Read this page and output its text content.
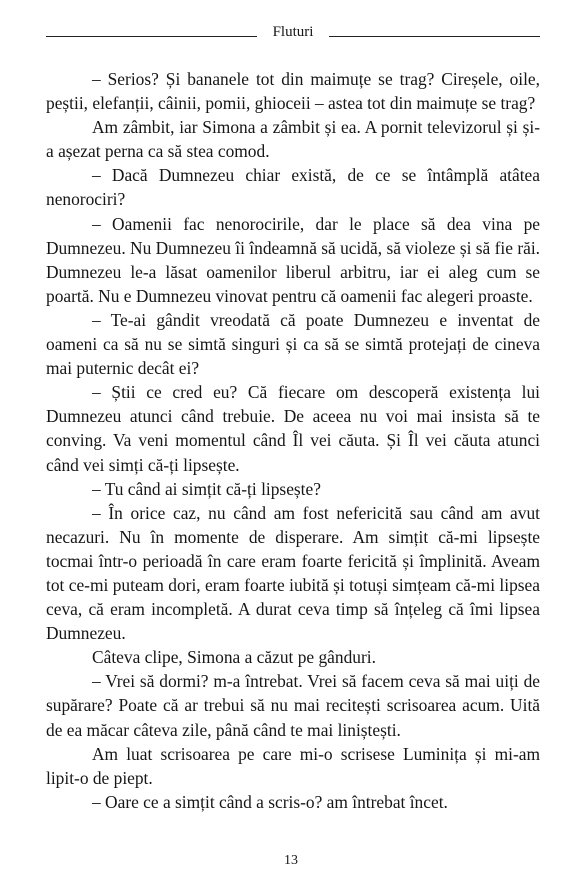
Fluturi

– Serios? Și bananele tot din maimuțe se trag? Cireșele, oile, peștii, elefanții, câinii, pomii, ghioceii – astea tot din maimuțe se trag?

Am zâmbit, iar Simona a zâmbit și ea. A pornit televizorul și și-a așezat perna ca să stea comod.

– Dacă Dumnezeu chiar există, de ce se întâmplă atâtea nenorociri?

– Oamenii fac nenorocirile, dar le place să dea vina pe Dumnezeu. Nu Dumnezeu îi îndeamnă să ucidă, să violeze și să fie răi. Dumnezeu le-a lăsat oamenilor liberul arbitru, iar ei aleg cum se poartă. Nu e Dumnezeu vinovat pentru că oamenii fac alegeri proaste.

– Te-ai gândit vreodată că poate Dumnezeu e inventat de oameni ca să nu se simtă singuri și ca să se simtă protejați de cineva mai puternic decât ei?

– Știi ce cred eu? Că fiecare om descoperă existența lui Dumnezeu atunci când trebuie. De aceea nu voi mai insista să te conving. Va veni momentul când Îl vei căuta. Și Îl vei căuta atunci când vei simți că-ți lipsește.

– Tu când ai simțit că-ți lipsește?

– În orice caz, nu când am fost nefericită sau când am avut necazuri. Nu în momente de disperare. Am simțit că-mi lipsește tocmai într-o perioadă în care eram foarte fericită și împlinită. Aveam tot ce-mi puteam dori, eram foarte iubită și totuși simțeam că-mi lipsea ceva, că eram incompletă. A durat ceva timp să înțeleg că îmi lipsea Dumnezeu.

Câteva clipe, Simona a căzut pe gânduri.

– Vrei să dormi? m-a întrebat. Vrei să facem ceva să mai uiți de supărare? Poate că ar trebui să nu mai recitești scrisoarea acum. Uită de ea măcar câteva zile, până când te mai liniștești.

Am luat scrisoarea pe care mi-o scrisese Luminița și mi-am lipit-o de piept.

– Oare ce a simțit când a scris-o? am întrebat încet.

13
